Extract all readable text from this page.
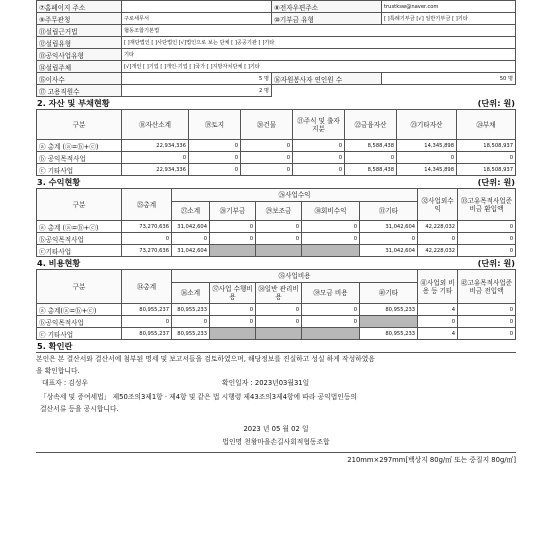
⑦홈페이지 주소		⑧전자우편주소	trustksw@naver.com
⑨주무관청	구로세무서	⑩기부금 유형	[ ]특례기부금 [√] 일반기부금 [ ]기타
⑪설립근거법	협동조합기본법		
⑫설립유형	[ ]재단법인 [ ]사단법인 [√]법인으로 보는 단체 [ ]공공기관 [ ]기타		
⑬공익사업유형	기타		
⑭설립주체	[√]개인 [ ]기업 [ ]개인·기업 [ ]국가 [ ]지방자치단체 [ ]기타		
⑮이사수	5 명	⑯자원봉사자 연인원 수	50 명
⑰ 고용직원수	2 명		
2. 자산 및 부채현황	(단위: 원)
구분	⑱자산소계	⑲토지	⑳건물	㉑주식 및 출자지분	㉒금융자산	㉓기타자산	㉔부채
ⓐ 총계 (ⓐ=ⓑ+ⓒ)	22,934,336	0	0	0	8,588,438	14,345,898	18,508,937
ⓑ 공익목적사업	0	0	0	0	0	0	0
ⓒ 기타사업	22,934,336	0	0	0	8,588,438	14,345,898	18,508,937
3. 수익현황	(단위: 원)
구분	㉕총계	㉖사업수익					㉜사업외수익	㉝고유목적사업준비금 환입액
		㉗소계	㉘기부금	㉙보조금	㉚회비수익	㉛기타		
ⓐ 총계 (ⓐ=ⓑ+ⓒ)	73,270,636	31,042,604	0	0	0	31,042,604	42,228,032	0
ⓑ공익목적사업	0	0	0	0	0	0	0	0
ⓒ기타사업	73,270,636	31,042,604				31,042,604	42,228,032	0
4. 비용현황	(단위: 원)
구분	㉞총계	㉟사업비용					㊶사업외 비용 등 기타	㊷고유목적사업준비금 전입액
		㊱소계	㊲사업 수행비용	㊳일반 관리비용	㊴모금 비용	㊵기타		
ⓐ 총계(ⓐ=ⓑ+ⓒ)	80,955,237	80,955,233	0	0	0	80,955,233	4	0
ⓑ공익목적사업	0	0	0	0	0		0	0
ⓒ 기타사업	80,955,237	80,955,233				80,955,233	4	0
5. 확인란
본인은 본 결산서와 결산서에 첨부된 명세 및 보고서들을 검토하였으며, 해당정보를 진실하고 성실 하게 작성하였음
을 확인합니다.
대표자 : 김성우	확인일자 : 2023년03월31일
「상속세 및 증여세법」 제50조의3제1항 · 제4항 및 같은 법 시행령 제43조의3제4항에 따라 공익법인등의
결산서류 등을 공시합니다.
2023 년 05 월 02 일
법인명 천왕마을손길사회적협동조합
210mm×297mm[백상지 80g/㎡ 또는 중질지 80g/㎡]
